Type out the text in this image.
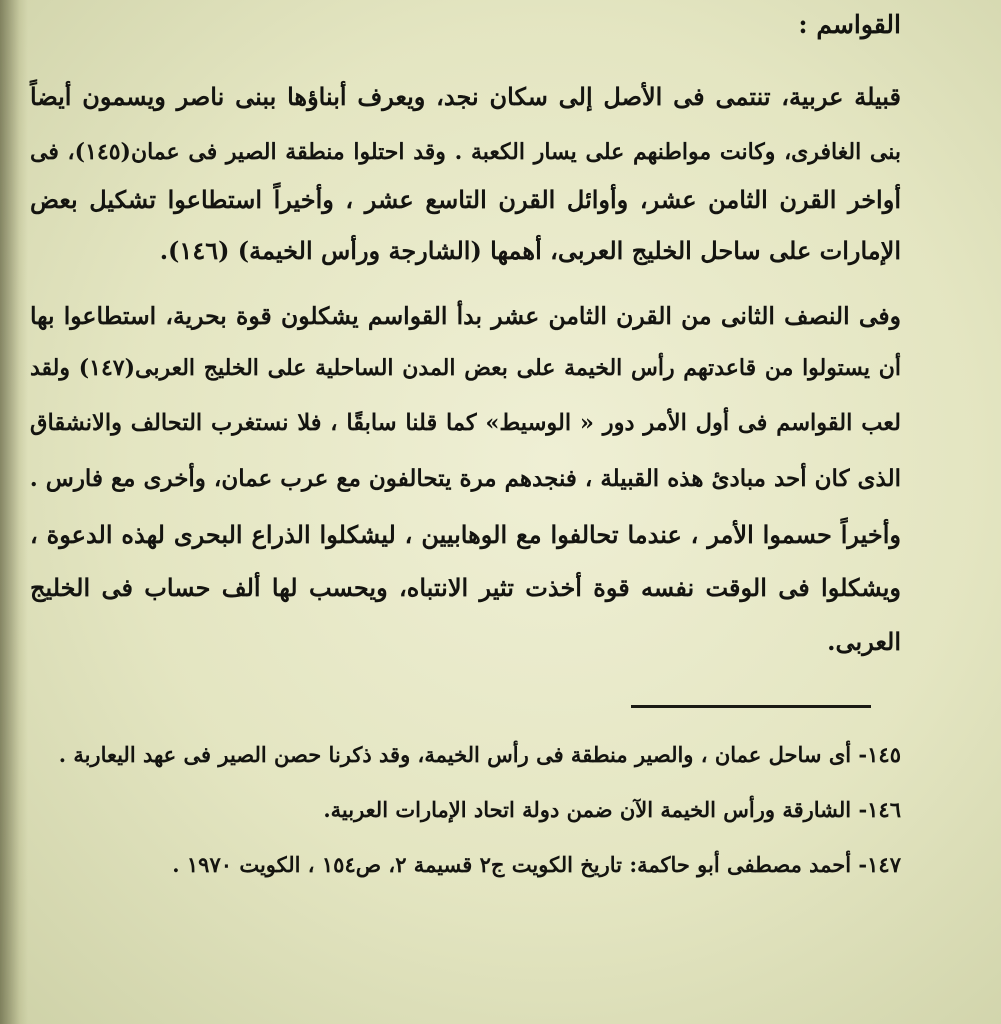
القواسم :
قبيلة عربية، تنتمى فى الأصل إلى سكان نجد، ويعرف أبناؤها ببنى ناصر ويسمون أيضاً
بنى الغافرى، وكانت مواطنهم على يسار الكعبة . وقد احتلوا منطقة الصير فى عمان(١٤٥)، فى
أواخر القرن الثامن عشر، وأوائل القرن التاسع عشر ، وأخيراً استطاعوا تشكيل بعض
الإمارات على ساحل الخليج العربى، أهمها (الشارجة ورأس الخيمة) (١٤٦).
وفى النصف الثانى من القرن الثامن عشر بدأ القواسم يشكلون قوة بحرية، استطاعوا بها
أن يستولوا من قاعدتهم رأس الخيمة على بعض المدن الساحلية على الخليج العربى(١٤٧) ولقد
لعب القواسم فى أول الأمر دور « الوسيط» كما قلنا سابقًا ، فلا نستغرب التحالف والانشقاق
الذى كان أحد مبادئ هذه القبيلة ، فنجدهم مرة يتحالفون مع عرب عمان، وأخرى مع فارس .
وأخيراً حسموا الأمر ، عندما تحالفوا مع الوهابيين ، ليشكلوا الذراع البحرى لهذه الدعوة ،
ويشكلوا فى الوقت نفسه قوة أخذت تثير الانتباه، ويحسب لها ألف حساب فى الخليج
العربى.
١٤٥- أى ساحل عمان ، والصير منطقة فى رأس الخيمة، وقد ذكرنا حصن الصير فى عهد اليعاربة .
١٤٦- الشارقة ورأس الخيمة الآن ضمن دولة اتحاد الإمارات العربية.
١٤٧- أحمد مصطفى أبو حاكمة: تاريخ الكويت ج٢ قسيمة ٢، ص١٥٤ ، الكويت ١٩٧٠ .
